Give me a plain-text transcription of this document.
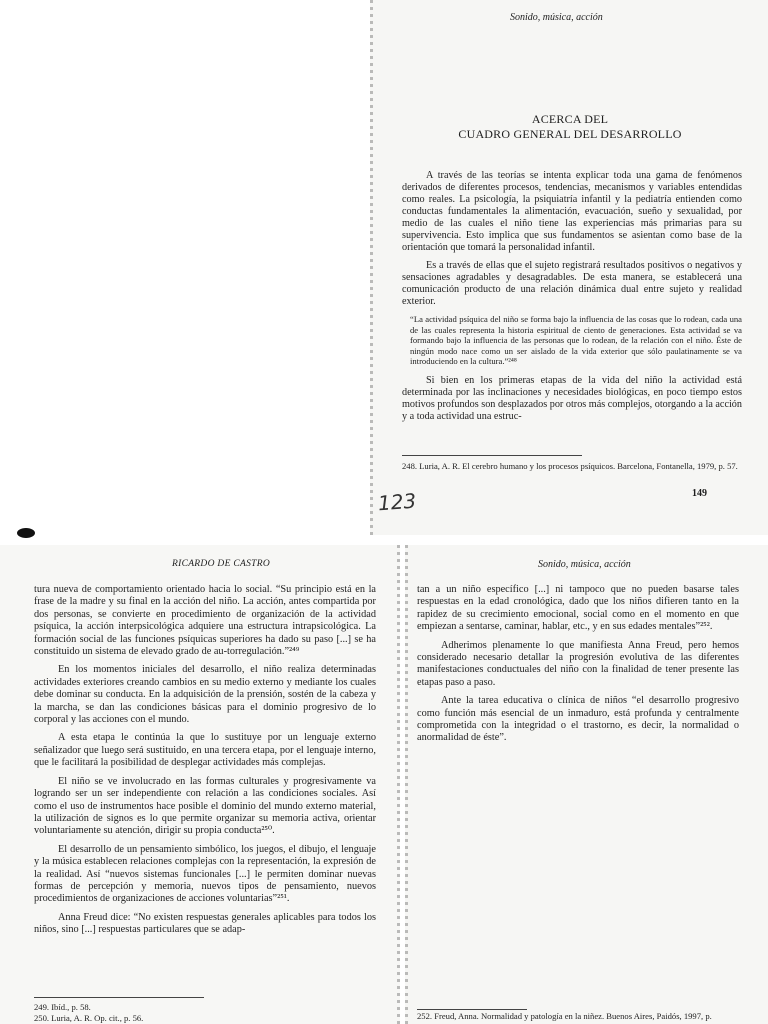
Sonido, música, acción
ACERCA DEL
CUADRO GENERAL DEL DESARROLLO

A través de las teorías se intenta explicar toda una gama de fenómenos derivados de diferentes procesos, tendencias, mecanismos y variables entendidas como reales. La psicología, la psiquiatría infantil y la pediatría entienden como conductas fundamentales la alimentación, evacuación, sueño y sexualidad, por medio de las cuales el niño tiene las experiencias más primarias para su supervivencia. Esto implica que sus fundamentos se asientan como base de la orientación que tomará la personalidad infantil.

Es a través de ellas que el sujeto registrará resultados positivos o negativos y sensaciones agradables y desagradables. De esta manera, se establecerá una comunicación producto de una relación dinámica dual entre sujeto y realidad exterior.

“La actividad psíquica del niño se forma bajo la influencia de las cosas que lo rodean, cada una de las cuales representa la historia espiritual de ciento de generaciones. Esta actividad se va formando bajo la influencia de las personas que lo rodean, de la relación con el niño. Éste de ningún modo nace como un ser aislado de la vida exterior que sólo paulatinamente se va introduciendo en la cultura.”²⁴⁸

Si bien en los primeras etapas de la vida del niño la actividad está determinada por las inclinaciones y necesidades biológicas, en poco tiempo estos motivos profundos son desplazados por otros más complejos, otorgando a la acción y a toda actividad una estruc-

248. Luria, A. R. El cerebro humano y los procesos psíquicos. Barcelona, Fontanella, 1979, p. 57.
123	149
RICARDO DE CASTRO

tura nueva de comportamiento orientado hacia lo social. “Su principio está en la frase de la madre y su final en la acción del niño. La acción, antes compartida por dos personas, se convierte en procedimiento de organización de la actividad psíquica, la acción interpsicológica adquiere una estructura intrapsicológica. La formación social de las funciones psíquicas superiores ha dado su paso [...] se ha constituido un sistema de elevado grado de au-torregulación.”²⁴⁹

En los momentos iniciales del desarrollo, el niño realiza determinadas actividades exteriores creando cambios en su medio externo y mediante los cuales debe dominar su conducta. En la adquisición de la prensión, sostén de la cabeza y la marcha, se dan las condiciones básicas para el dominio progresivo de lo corporal y las acciones con el mundo.

A esta etapa le continúa la que lo sustituye por un lenguaje externo señalizador que luego será sustituido, en una tercera etapa, por el lenguaje interno, que le facilitará la posibilidad de desplegar actividades más complejas.

El niño se ve involucrado en las formas culturales y progresivamente va logrando ser un ser independiente con relación a las condiciones sociales. Así como el uso de instrumentos hace posible el dominio del mundo externo material, la utilización de signos es lo que permite organizar su memoria activa, orientar voluntariamente su atención, dirigir su propia conducta²⁵⁰.

El desarrollo de un pensamiento simbólico, los juegos, el dibujo, el lenguaje y la música establecen relaciones complejas con la representación, la expresión de la realidad. Así “nuevos sistemas funcionales [...] le permiten dominar nuevas formas de percepción y memoria, nuevos tipos de pensamiento, nuevos procedimientos de organizaciones de acciones voluntarias”²⁵¹.

Anna Freud dice: “No existen respuestas generales aplicables para todos los niños, sino [...] respuestas particulares que se adap-

249. Ibíd., p. 58.
250. Luria, A. R. Op. cit., p. 56.
Sonido, música, acción

tan a un niño específico [...] ni tampoco que no pueden basarse tales respuestas en la edad cronológica, dado que los niños difieren tanto en la rapidez de su crecimiento emocional, social como en el momento en que empiezan a sentarse, caminar, hablar, etc., y en sus edades mentales”²⁵².

Adherimos plenamente lo que manifiesta Anna Freud, pero hemos considerado necesario detallar la progresión evolutiva de las diferentes manifestaciones conductuales del niño con la finalidad de tener presente las etapas paso a paso.

Ante la tarea educativa o clínica de niños “el desarrollo progresivo como función más esencial de un inmaduro, está profunda y centralmente comprometida con la integridad o el trastorno, es decir, la normalidad o anormalidad de éste”.

252. Freud, Anna. Normalidad y patología en la niñez. Buenos Aires, Paidós, 1997, p.
